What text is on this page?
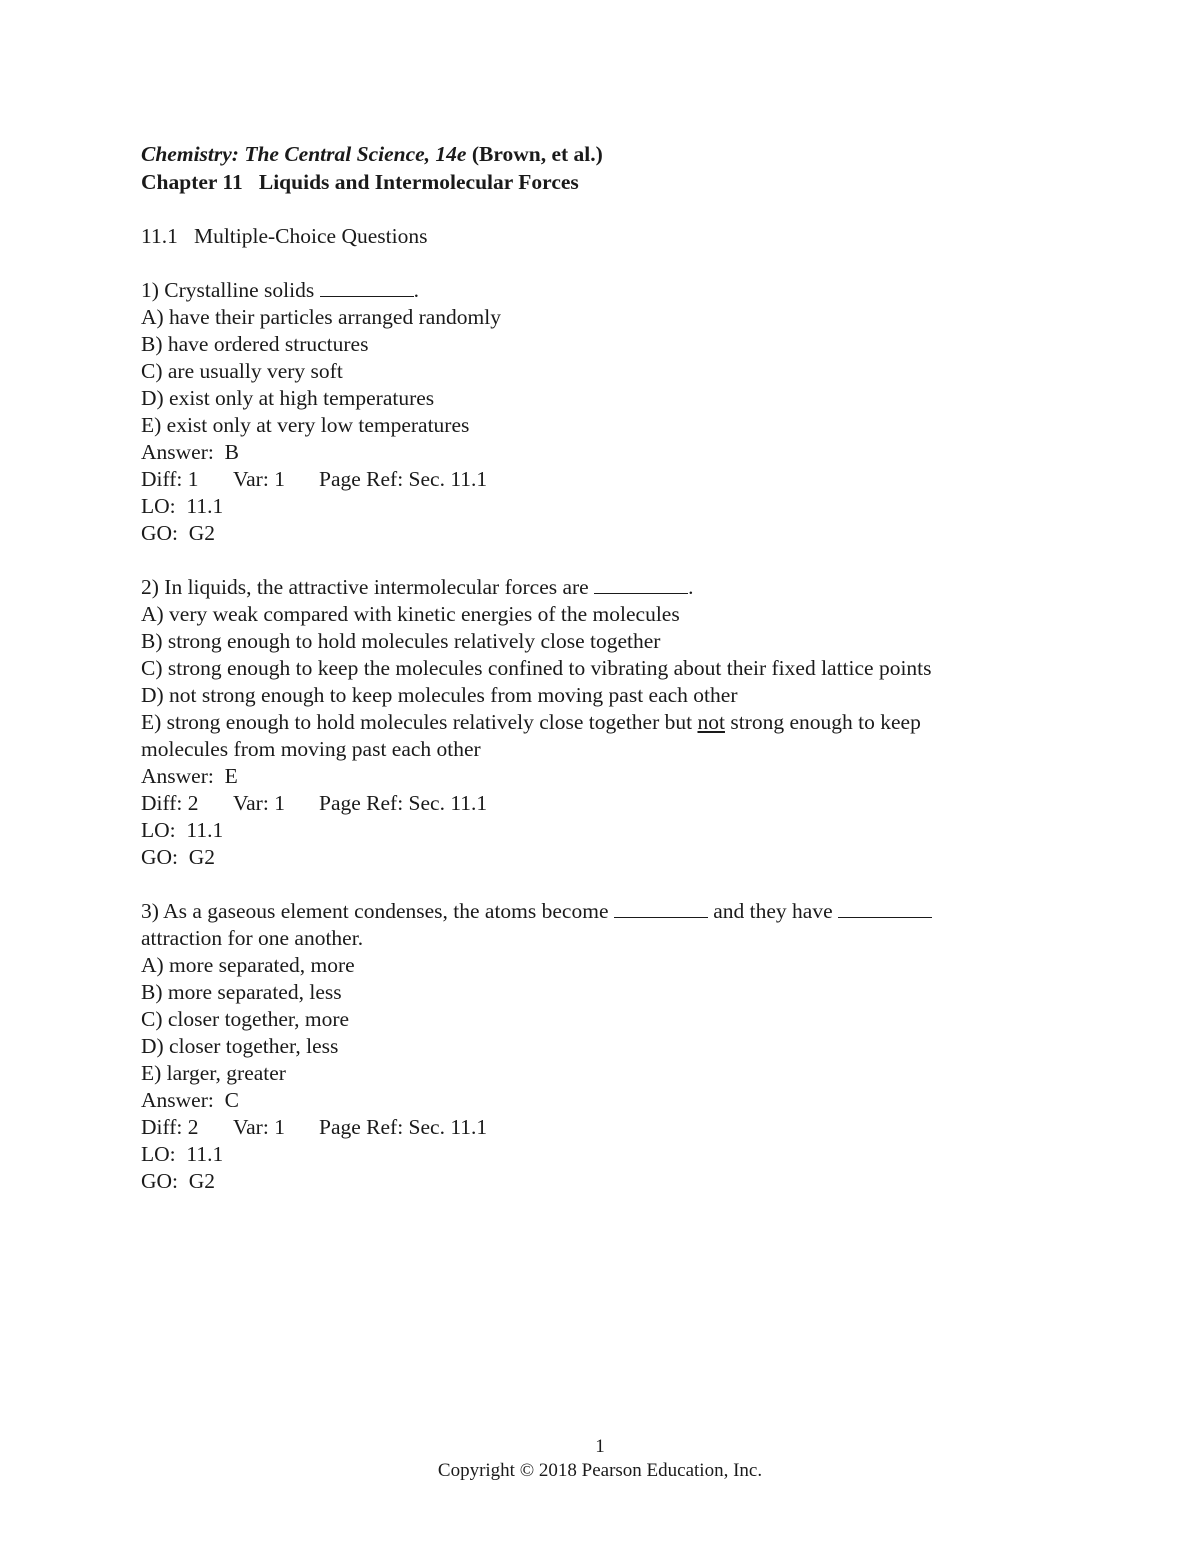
Chemistry: The Central Science, 14e (Brown, et al.)
Chapter 11   Liquids and Intermolecular Forces
11.1   Multiple-Choice Questions
1) Crystalline solids	.
A) have their particles arranged randomly
B) have ordered structures
C) are usually very soft
D) exist only at high temperatures
E) exist only at very low temperatures
Answer:  B
Diff: 1 Var: 1 Page Ref: Sec. 11.1
LO:  11.1
GO:  G2
2) In liquids, the attractive intermolecular forces are	.
A) very weak compared with kinetic energies of the molecules
B) strong enough to hold molecules relatively close together
C) strong enough to keep the molecules confined to vibrating about their fixed lattice points
D) not strong enough to keep molecules from moving past each other
E) strong enough to hold molecules relatively close together but not strong enough to keep molecules from moving past each other
Answer:  E
Diff: 2 Var: 1 Page Ref: Sec. 11.1
LO:  11.1
GO:  G2
3) As a gaseous element condenses, the atoms become	and they have  attraction for one another.
A) more separated, more
B) more separated, less
C) closer together, more
D) closer together, less
E) larger, greater
Answer:  C
Diff: 2 Var: 1 Page Ref: Sec. 11.1
LO:  11.1
GO:  G2
1
Copyright © 2018 Pearson Education, Inc.
